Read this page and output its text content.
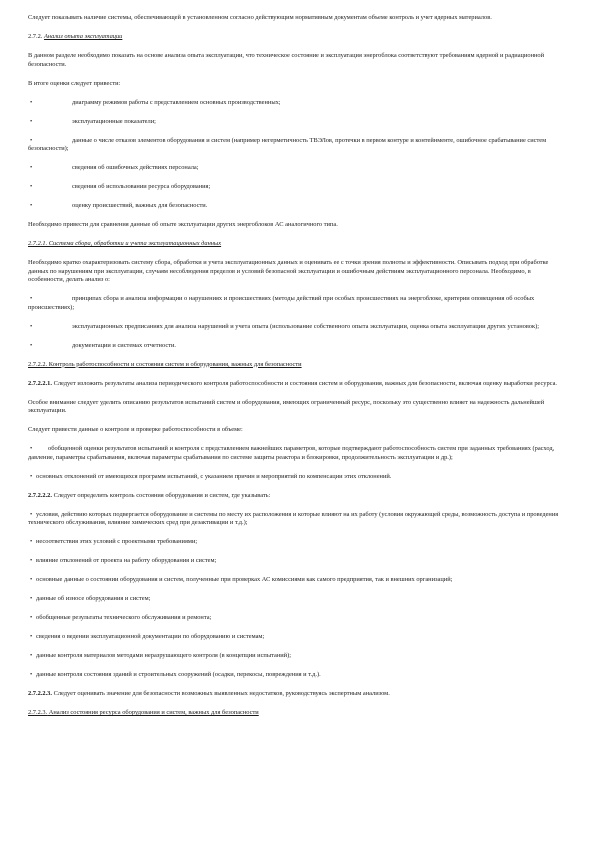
Следует показывать наличие системы, обеспечивающей в установленном согласно действующим нормативным документам объеме контроль и учет ядерных материалов.

2.7.2. Анализ опыта эксплуатации

В данном разделе необходимо показать на основе анализа опыта эксплуатации, что техническое состояние и эксплуатация энергоблока соответствуют требованиям ядерной и радиационной безопасности.

В итоге оценки следует привести:

•	диаграмму режимов работы с представлением основных производственных;
•	эксплуатационные показатели;
•	данные о числе отказов элементов оборудования и систем (например негерметичность ТВЭЛов, протечки в первом контуре и контейнменте, ошибочное срабатывание систем безопасности);
•	сведения об ошибочных действиях персонала;
•	сведения об использовании ресурса оборудования;
•	оценку происшествий, важных для безопасности.

Необходимо привести для сравнения данные об опыте эксплуатации других энергоблоков АС аналогичного типа.

2.7.2.1. Система сбора, обработки и учета эксплуатационных данных

Необходимо кратко охарактеризовать систему сбора, обработки и учета эксплуатационных данных и оценивать ее с точки зрения полноты и эффективности. Описывать подход при обработке данных по нарушениям при эксплуатации, случаям несоблюдения пределов и условий безопасной эксплуатации и ошибочным действиям эксплуатационного персонала. Необходимо, в особенности, делать анализ о:

•	принципах сбора и анализа информации о нарушениях и происшествиях (методы действий при особых происшествиях на энергоблоке, критерии оповещения об особых происшествиях);
•	эксплуатационных предписаниях для анализа нарушений и учета опыта (использование собственного опыта эксплуатации, оценка опыта эксплуатации других установок);
•	документации и системах отчетности.

2.7.2.2. Контроль работоспособности и состояния систем и оборудования, важных для безопасности

2.7.2.2.1. Следует изложить результаты анализа периодического контроля работоспособности и состояния систем и оборудования, важных для безопасности, включая оценку выработки ресурса.

Особое внимание следует уделить описанию результатов испытаний систем и оборудования, имеющих ограниченный ресурс, поскольку это существенно влияет на надежность дальнейшей эксплуатации.

Следует привести данные о контроле и проверке работоспособности в объеме:

• обобщенной оценки результатов испытаний и контроля с представлением важнейших параметров, которые подтверждают работоспособность систем при заданных требованиях (расход, давление, параметры срабатывания, включая параметры срабатывания по системе защиты реактора и блокировки, продолжительность эксплуатации и др.);
• основных отклонений от имеющихся программ испытаний, с указанием причин и мероприятий по компенсации этих отклонений.

2.7.2.2.2. Следует определить контроль состояния оборудования и систем, где указывать:

• условия, действию которых подвергается оборудование и системы по месту их расположения и которые влияют на их работу (условия окружающей среды, возможность доступа и проведения технического обслуживания, влияние химических сред при дезактивации и т.д.);
• несоответствия этих условий с проектными требованиями;
• влияние отклонений от проекта на работу оборудования и систем;
• основные данные о состоянии оборудования и систем, полученные при проверках АС комиссиями как самого предприятия, так и внешних организаций;
• данные об износе оборудования и систем;
• обобщенные результаты технического обслуживания и ремонта;
• сведения о ведении эксплуатационной документации по оборудованию и системам;
• данные контроля материалов методами неразрушающего контроля (в концепции испытаний);
• данные контроля состояния зданий и строительных сооружений (осадки, перекосы, повреждения и т.д.).

2.7.2.2.3. Следует оценивать значение для безопасности возможных выявленных недостатков, руководствуясь экспертным анализом.

2.7.2.3. Анализ состояния ресурса оборудования и систем, важных для безопасности
